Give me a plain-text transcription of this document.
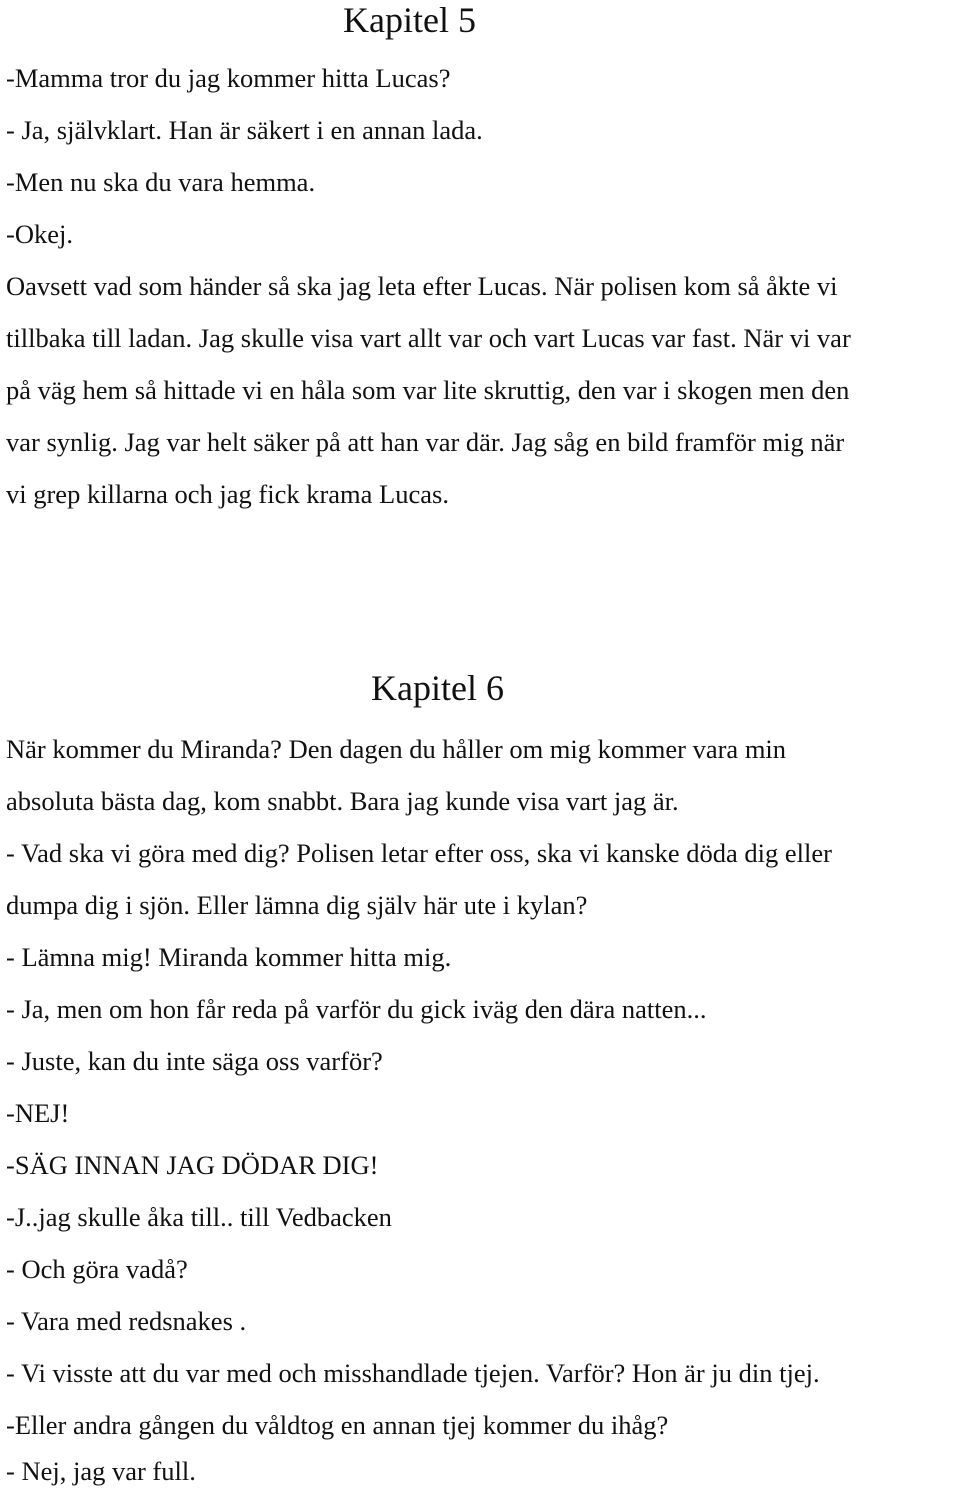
Kapitel 5
-Mamma tror du jag kommer hitta Lucas?
- Ja, självklart. Han är säkert i en annan lada.
-Men nu ska du vara hemma.
-Okej.
Oavsett vad som händer så ska jag leta efter Lucas. När polisen kom så åkte vi
tillbaka till ladan. Jag skulle visa vart allt var och vart Lucas var fast. När vi var
på väg hem så hittade vi en håla som var lite skruttig, den var i skogen men den
var synlig. Jag var helt säker på att han var där. Jag såg en bild framför mig när
vi grep killarna och jag fick krama Lucas.
Kapitel 6
När kommer du Miranda? Den dagen du håller om mig kommer vara min
absoluta bästa dag, kom snabbt. Bara jag kunde visa vart jag är.
- Vad ska vi göra med dig? Polisen letar efter oss, ska vi kanske döda dig eller
dumpa dig i sjön. Eller lämna dig själv här ute i kylan?
- Lämna mig! Miranda kommer hitta mig.
- Ja, men om hon får reda på varför du gick iväg den dära natten...
- Juste, kan du inte säga oss varför?
-NEJ!
-SÄG INNAN JAG DÖDAR DIG!
-J..jag skulle åka till.. till Vedbacken
- Och göra vadå?
- Vara med redsnakes .
- Vi visste att du var med och misshandlade tjejen. Varför? Hon är ju din tjej.
-Eller andra gången du våldtog en annan tjej kommer du ihåg?
- Nej, jag var full.
